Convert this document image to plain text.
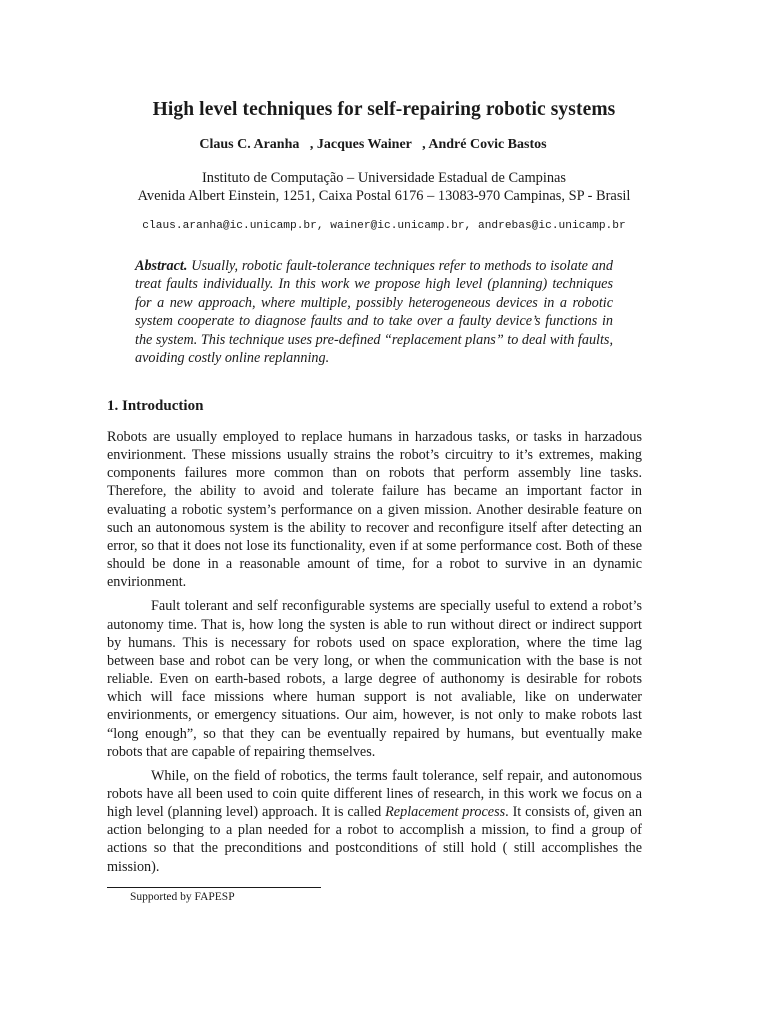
High level techniques for self-repairing robotic systems
Claus C. Aranha   , Jacques Wainer   , André Covic Bastos
Instituto de Computação – Universidade Estadual de Campinas
Avenida Albert Einstein, 1251, Caixa Postal 6176 – 13083-970 Campinas, SP - Brasil
claus.aranha@ic.unicamp.br, wainer@ic.unicamp.br, andrebas@ic.unicamp.br
Abstract. Usually, robotic fault-tolerance techniques refer to methods to isolate and treat faults individually. In this work we propose high level (planning) techniques for a new approach, where multiple, possibly heterogeneous devices in a robotic system cooperate to diagnose faults and to take over a faulty device’s functions in the system. This technique uses pre-defined “replacement plans” to deal with faults, avoiding costly online replanning.
1. Introduction

Robots are usually employed to replace humans in harzadous tasks, or tasks in harzadous envirionment. These missions usually strains the robot’s circuitry to it’s extremes, making components failures more common than on robots that perform assembly line tasks. Therefore, the ability to avoid and tolerate failure has became an important factor in evaluating a robotic system’s performance on a given mission. Another desirable feature on such an autonomous system is the ability to recover and reconfigure itself after detecting an error, so that it does not lose its functionality, even if at some performance cost. Both of these should be done in a reasonable amount of time, for a robot to survive in an dynamic envirionment.

Fault tolerant and self reconfigurable systems are specially useful to extend a robot’s autonomy time. That is, how long the systen is able to run without direct or indirect support by humans. This is necessary for robots used on space exploration, where the time lag between base and robot can be very long, or when the communication with the base is not reliable. Even on earth-based robots, a large degree of authonomy is desirable for robots which will face missions where human support is not avaliable, like on underwater envirionments, or emergency situations. Our aim, however, is not only to make robots last “long enough”, so that they can be eventually repaired by humans, but eventually make robots that are capable of repairing themselves.

While, on the field of robotics, the terms fault tolerance, self repair, and autonomous robots have all been used to coin quite different lines of research, in this work we focus on a high level (planning level) approach. It is called Replacement process. It consists of, given an action belonging to a plan needed for a robot to accomplish a mission, to find a group of actions so that the preconditions and postconditions of still hold ( still accomplishes the mission).

Supported by FAPESP
